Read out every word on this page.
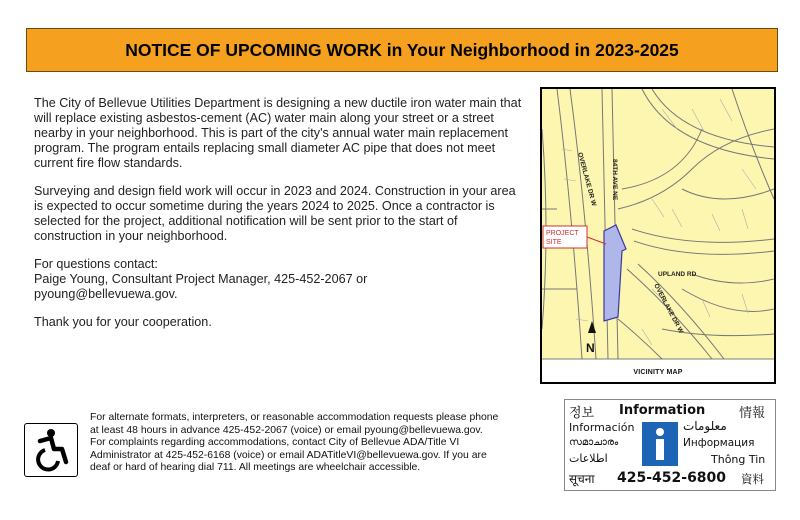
NOTICE OF UPCOMING WORK in Your Neighborhood in 2023-2025

The City of Bellevue Utilities Department is designing a new ductile iron water main that will replace existing asbestos-cement (AC) water main along your street or a street nearby in your neighborhood. This is part of the city's annual water main replacement program. The program entails replacing small diameter AC pipe that does not meet current fire flow standards.

Surveying and design field work will occur in 2023 and 2024. Construction in your area is expected to occur sometime during the years 2024 to 2025. Once a contractor is selected for the project, additional notification will be sent prior to the start of construction in your neighborhood.

For questions contact:
Paige Young, Consultant Project Manager, 425-452-2067 or
pyoung@bellevuewa.gov.

Thank you for your cooperation.

PROJECT
SITE
OVERLAKE DR W 84TH AVE NE
UPLAND RD
OVERLAKE DR W
N
VICINITY MAP
For alternate formats, interpreters, or reasonable accommodation requests please phone
at least 48 hours in advance 425-452-2067 (voice) or email pyoung@bellevuewa.gov.
For complaints regarding accommodations, contact City of Bellevue ADA/Title VI
Administrator at 425-452-6168 (voice) or email ADATitleVI@bellevuewa.gov. If you are
deaf or hard of hearing dial 711. All meetings are wheelchair accessible.
정보 Information	情報
Información	معلومات
സമാചാരം	Информация
اطلاعات	Thông Tin
सूचना 425-452-6800 資料
